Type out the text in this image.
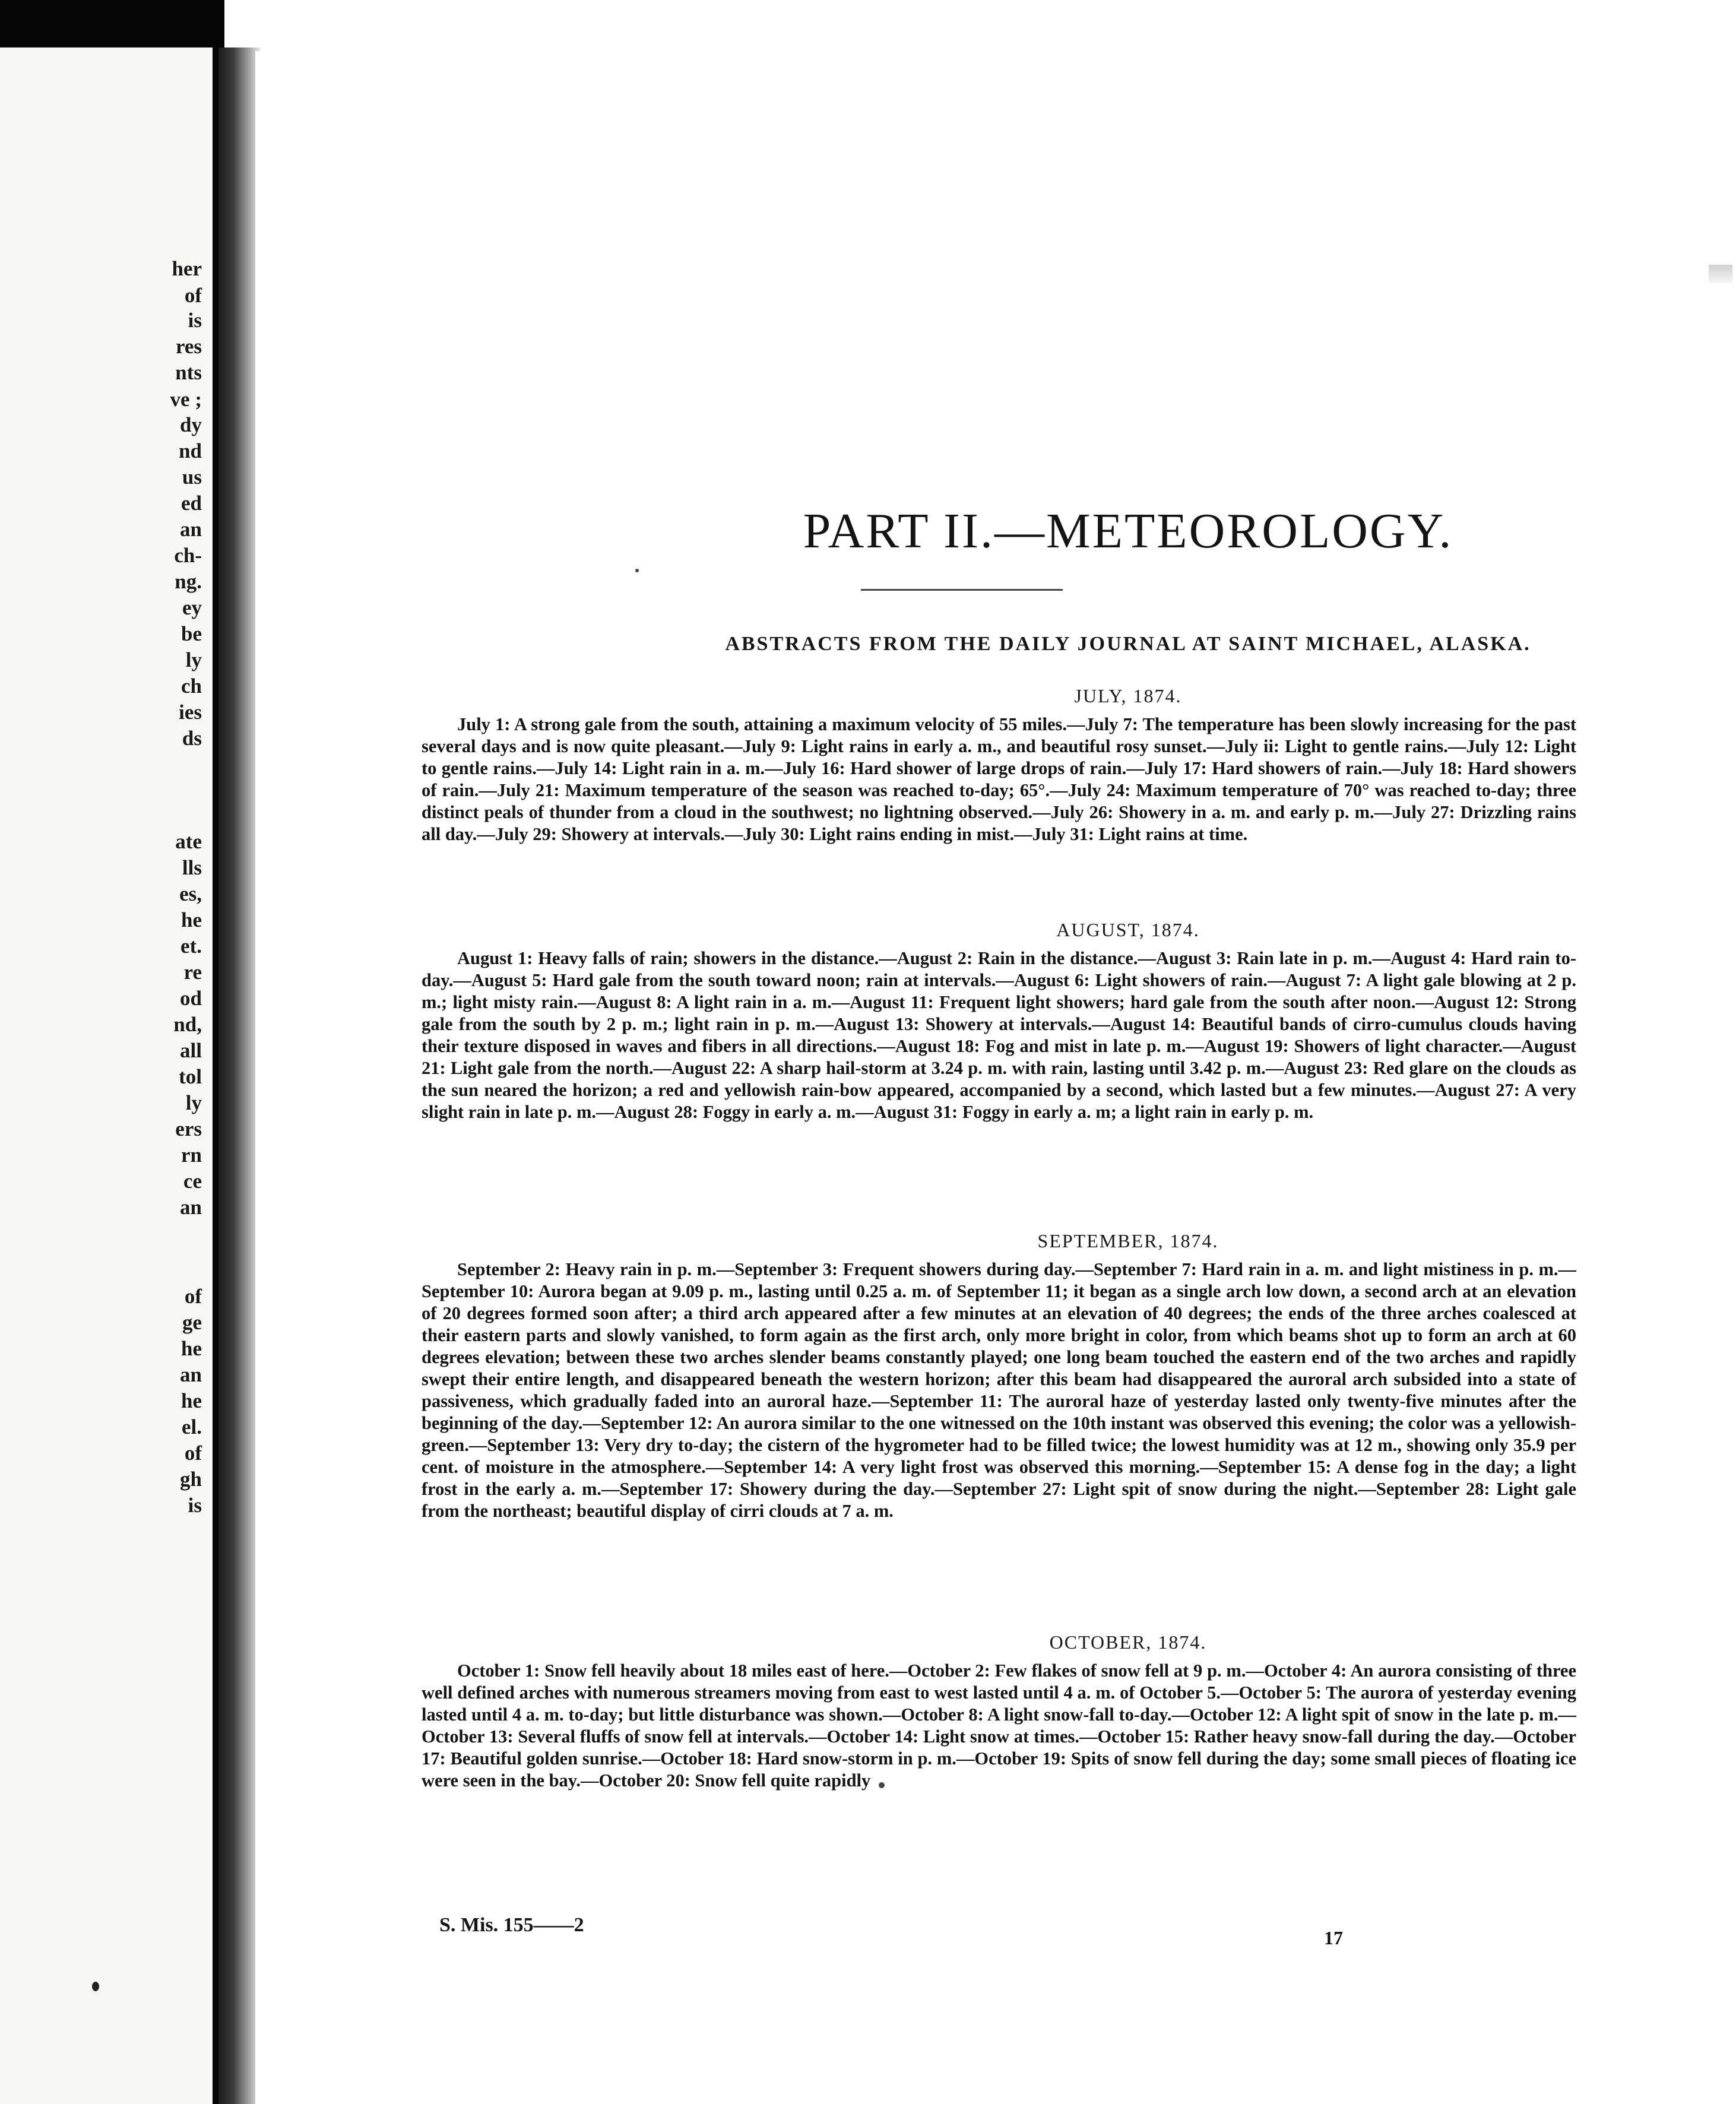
her
of
is
res
nts
ve ;
dy
nd
us
ed
an
ch-
ng.
ey
be
ly
ch
ies
ds
ate
lls
es,
he
et.
re
od
nd,
all
tol
ly
ers
rn
ce
an
of
ge
he
an
he
el.
of
gh
is
PART II.—METEOROLOGY.
ABSTRACTS FROM THE DAILY JOURNAL AT SAINT MICHAEL, ALASKA.
JULY, 1874.
July 1: A strong gale from the south, attaining a maximum velocity of 55 miles.—July 7: The temperature has been slowly increasing for the past several days and is now quite pleasant.—July 9: Light rains in early a. m., and beautiful rosy sunset.—July ii: Light to gentle rains.—July 12: Light to gentle rains.—July 14: Light rain in a. m.—July 16: Hard shower of large drops of rain.—July 17: Hard showers of rain.—July 18: Hard showers of rain.—July 21: Maximum temperature of the season was reached to-day; 65°.—July 24: Maximum temperature of 70° was reached to-day; three distinct peals of thunder from a cloud in the southwest; no lightning observed.—July 26: Showery in a. m. and early p. m.—July 27: Drizzling rains all day.—July 29: Showery at intervals.—July 30: Light rains ending in mist.—July 31: Light rains at time.
AUGUST, 1874.
August 1: Heavy falls of rain; showers in the distance.—August 2: Rain in the distance.—August 3: Rain late in p. m.—August 4: Hard rain to-day.—August 5: Hard gale from the south toward noon; rain at intervals.—August 6: Light showers of rain.—August 7: A light gale blowing at 2 p. m.; light misty rain.—August 8: A light rain in a. m.—August 11: Frequent light showers; hard gale from the south after noon.—August 12: Strong gale from the south by 2 p. m.; light rain in p. m.—August 13: Showery at intervals.—August 14: Beautiful bands of cirro-cumulus clouds having their texture disposed in waves and fibers in all directions.—August 18: Fog and mist in late p. m.—August 19: Showers of light character.—August 21: Light gale from the north.—August 22: A sharp hail-storm at 3.24 p. m. with rain, lasting until 3.42 p. m.—August 23: Red glare on the clouds as the sun neared the horizon; a red and yellowish rain-bow appeared, accompanied by a second, which lasted but a few minutes.—August 27: A very slight rain in late p. m.—August 28: Foggy in early a. m.—August 31: Foggy in early a. m; a light rain in early p. m.
SEPTEMBER, 1874.
September 2: Heavy rain in p. m.—September 3: Frequent showers during day.—September 7: Hard rain in a. m. and light mistiness in p. m.—September 10: Aurora began at 9.09 p. m., lasting until 0.25 a. m. of September 11; it began as a single arch low down, a second arch at an elevation of 20 degrees formed soon after; a third arch appeared after a few minutes at an elevation of 40 degrees; the ends of the three arches coalesced at their eastern parts and slowly vanished, to form again as the first arch, only more bright in color, from which beams shot up to form an arch at 60 degrees elevation; between these two arches slender beams constantly played; one long beam touched the eastern end of the two arches and rapidly swept their entire length, and disappeared beneath the western horizon; after this beam had disappeared the auroral arch subsided into a state of passiveness, which gradually faded into an auroral haze.—September 11: The auroral haze of yesterday lasted only twenty-five minutes after the beginning of the day.—September 12: An aurora similar to the one witnessed on the 10th instant was observed this evening; the color was a yellowish-green.—September 13: Very dry to-day; the cistern of the hygrometer had to be filled twice; the lowest humidity was at 12 m., showing only 35.9 per cent. of moisture in the atmosphere.—September 14: A very light frost was observed this morning.—September 15: A dense fog in the day; a light frost in the early a. m.—September 17: Showery during the day.—September 27: Light spit of snow during the night.—September 28: Light gale from the northeast; beautiful display of cirri clouds at 7 a. m.
OCTOBER, 1874.
October 1: Snow fell heavily about 18 miles east of here.—October 2: Few flakes of snow fell at 9 p. m.—October 4: An aurora consisting of three well defined arches with numerous streamers moving from east to west lasted until 4 a. m. of October 5.—October 5: The aurora of yesterday evening lasted until 4 a. m. to-day; but little disturbance was shown.—October 8: A light snow-fall to-day.—October 12: A light spit of snow in the late p. m.—October 13: Several fluffs of snow fell at intervals.—October 14: Light snow at times.—October 15: Rather heavy snow-fall during the day.—October 17: Beautiful golden sunrise.—October 18: Hard snow-storm in p. m.—October 19: Spits of snow fell during the day; some small pieces of floating ice were seen in the bay.—October 20: Snow fell quite rapidly
S. Mis. 155——2
17
